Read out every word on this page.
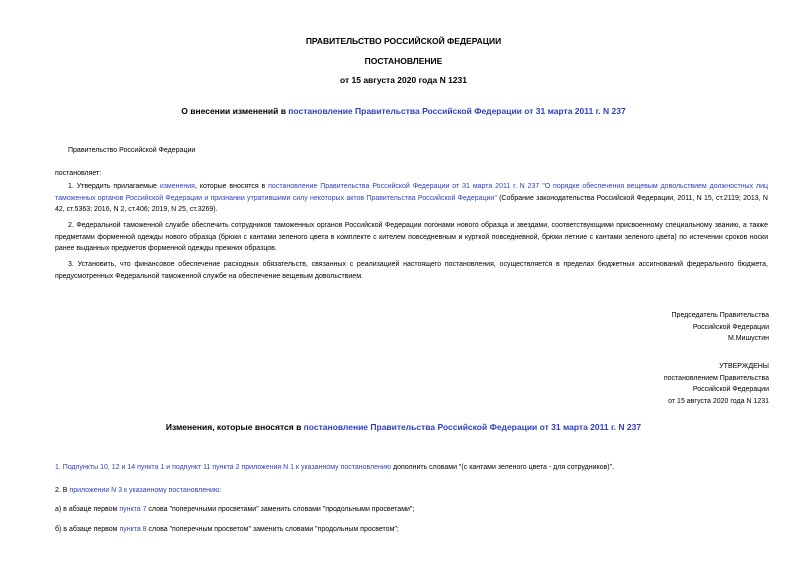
ПРАВИТЕЛЬСТВО РОССИЙСКОЙ ФЕДЕРАЦИИ
ПОСТАНОВЛЕНИЕ
от 15 августа 2020 года N 1231
О внесении изменений в постановление Правительства Российской Федерации от 31 марта 2011 г. N 237
Правительство Российской Федерации
постановляет:
1. Утвердить прилагаемые изменения, которые вносятся в постановление Правительства Российской Федерации от 31 марта 2011 г. N 237 "О порядке обеспечения вещевым довольствием должностных лиц таможенных органов Российской Федерации и признании утратившими силу некоторых актов Правительства Российской Федерации" (Собрание законодательства Российской Федерации, 2011, N 15, ст.2119; 2013, N 42, ст.5363; 2016, N 2, ст.406; 2019, N 25, ст.3269).
2. Федеральной таможенной службе обеспечить сотрудников таможенных органов Российской Федерации погонами нового образца и звездами, соответствующими присвоенному специальному званию, а также предметами форменной одежды нового образца (брюки с кантами зеленого цвета в комплекте с кителем повседневным и курткой повседневной, брюки летние с кантами зеленого цвета) по истечении сроков носки ранее выданных предметов форменной одежды прежних образцов.
3. Установить, что финансовое обеспечение расходных обязательств, связанных с реализацией настоящего постановления, осуществляется в пределах бюджетных ассигнований федерального бюджета, предусмотренных Федеральной таможенной службе на обеспечение вещевым довольствием.
Председатель Правительства
Российской Федерации
М.Мишустин
УТВЕРЖДЕНЫ
постановлением Правительства
Российской Федерации
от 15 августа 2020 года N 1231
Изменения, которые вносятся в постановление Правительства Российской Федерации от 31 марта 2011 г. N 237
1. Подпункты 10, 12 и 14 пункта 1 и подпункт 11 пункта 2 приложения N 1 к указанному постановлению дополнить словами "(с кантами зеленого цвета - для сотрудников)".
2. В приложении N 3 к указанному постановлению:
а) в абзаце первом пункта 7 слова "поперечными просветами" заменить словами "продольными просветами";
б) в абзаце первом пункта 8 слова "поперечным просветом" заменить словами "продольным просветом";
